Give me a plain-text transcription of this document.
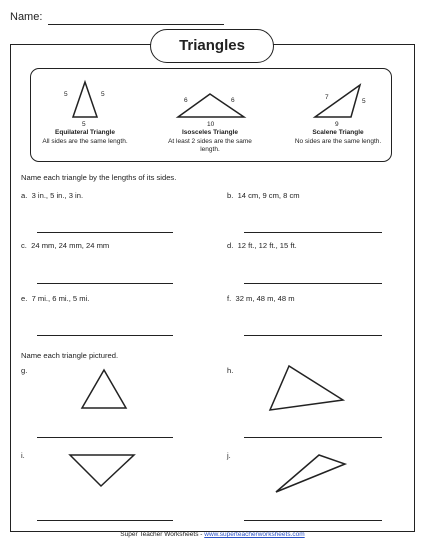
Name:
Triangles
5	5
5
6	6
10
7
5
9
Equilateral Triangle
All sides are the same length.
Isosceles Triangle
At least 2 sides are the same length.
Scalene Triangle
No sides are the same length.
Name each triangle by the lengths of its sides.
a. 3 in., 5 in., 3 in.	b. 14 cm, 9 cm, 8 cm
c. 24 mm, 24 mm, 24 mm	d. 12 ft., 12 ft., 15 ft.
e. 7 mi., 6 mi., 5 mi.	f. 32 m, 48 m, 48 m
Name each triangle pictured.
g.	h.
i.	j.
Super Teacher Worksheets - www.superteacherworksheets.com
